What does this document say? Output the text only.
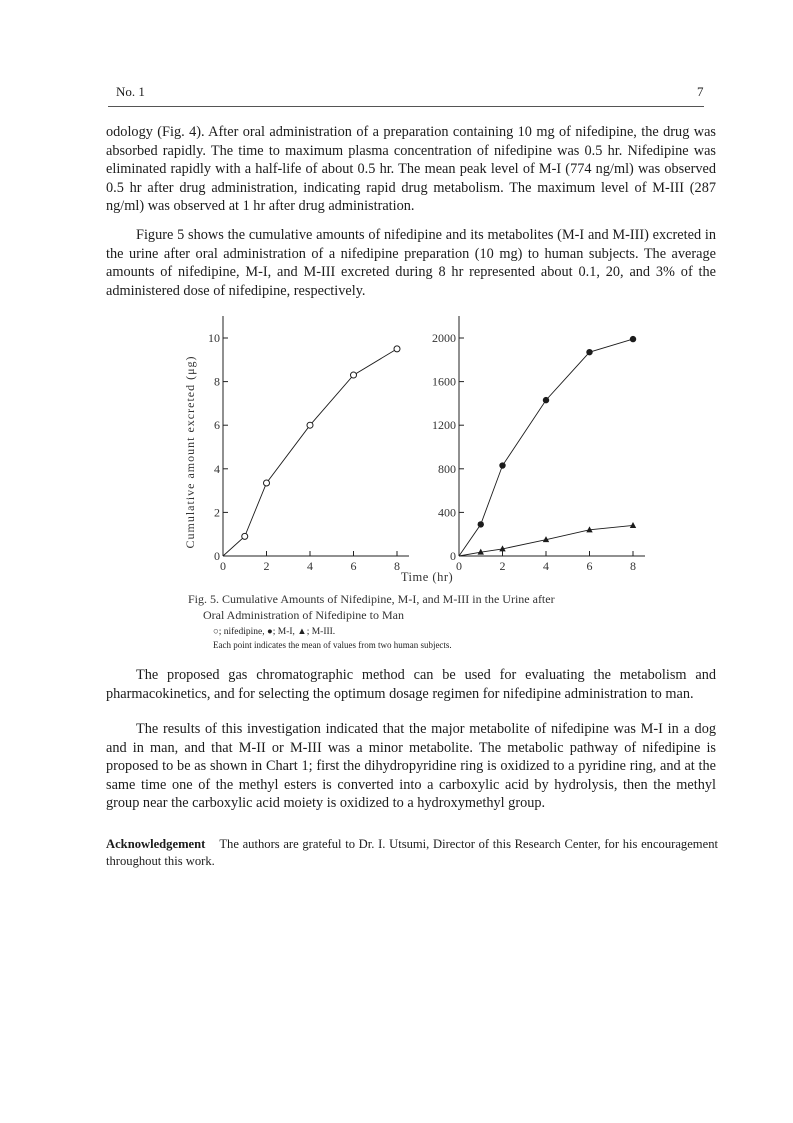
No. 1	7

odology (Fig. 4). After oral administration of a preparation containing 10 mg of nifedipine, the drug was absorbed rapidly. The time to maximum plasma concentration of nifedipine was 0.5 hr. Nifedipine was eliminated rapidly with a half-life of about 0.5 hr. The mean peak level of M-I (774 ng/ml) was observed 0.5 hr after drug administration, indicating rapid drug metabolism. The maximum level of M-III (287 ng/ml) was observed at 1 hr after drug administration.

Figure 5 shows the cumulative amounts of nifedipine and its metabolites (M-I and M-III) excreted in the urine after oral administration of a nifedipine preparation (10 mg) to human subjects. The average amounts of nifedipine, M-I, and M-III excreted during 8 hr represented about 0.1, 20, and 3% of the administered dose of nifedipine, respectively.

0
2
4
6
8
10
0	2	4	6	8
0
400
800
1200
1600
2000
0	2	4	6	8
Cumulative amount excreted (μg)
Time (hr)
Fig. 5. Cumulative Amounts of Nifedipine, M-I, and M-III in the Urine after
Oral Administration of Nifedipine to Man
○; nifedipine, ●; M-I, ▲; M-III.
Each point indicates the mean of values from two human subjects.

The proposed gas chromatographic method can be used for evaluating the metabolism and pharmacokinetics, and for selecting the optimum dosage regimen for nifedipine administration to man.

The results of this investigation indicated that the major metabolite of nifedipine was M-I in a dog and in man, and that M-II or M-III was a minor metabolite. The metabolic pathway of nifedipine is proposed to be as shown in Chart 1; first the dihydropyridine ring is oxidized to a pyridine ring, and at the same time one of the methyl esters is converted into a carboxylic acid by hydrolysis, then the methyl group near the carboxylic acid moiety is oxidized to a hydroxymethyl group.

Acknowledgement The authors are grateful to Dr. I. Utsumi, Director of this Research Center, for his encouragement throughout this work.
